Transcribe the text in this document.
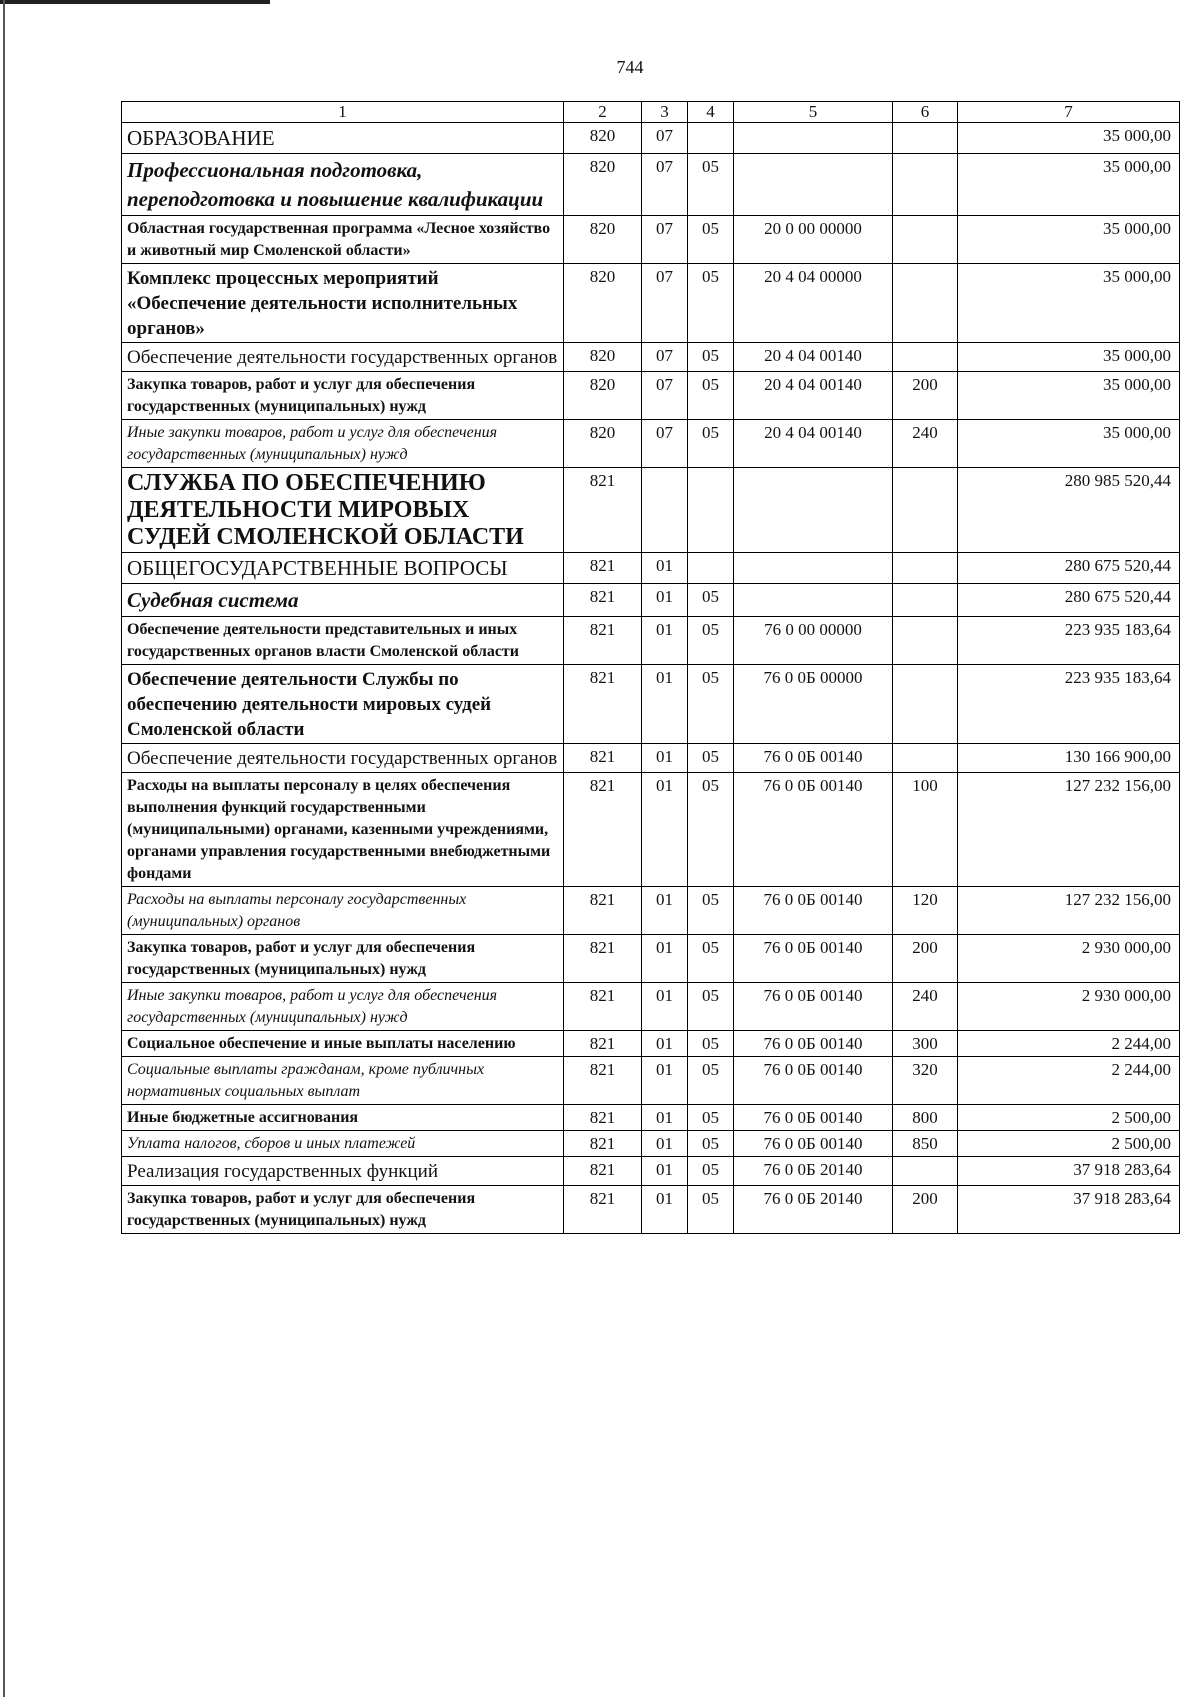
744
1	2	3	4	5	6	7
ОБРАЗОВАНИЕ	820	07				35 000,00
Профессиональная подготовка, переподготовка и повышение квалификации	820	07	05			35 000,00
Областная государственная программа «Лесное хозяйство и животный мир Смоленской области»	820	07	05	20 0 00 00000		35 000,00
Комплекс процессных мероприятий «Обеспечение деятельности исполнительных органов»	820	07	05	20 4 04 00000		35 000,00
Обеспечение деятельности государственных органов	820	07	05	20 4 04 00140		35 000,00
Закупка товаров, работ и услуг для обеспечения государственных (муниципальных) нужд	820	07	05	20 4 04 00140	200	35 000,00
Иные закупки товаров, работ и услуг для обеспечения государственных (муниципальных) нужд	820	07	05	20 4 04 00140	240	35 000,00
СЛУЖБА ПО ОБЕСПЕЧЕНИЮ ДЕЯТЕЛЬНОСТИ МИРОВЫХ СУДЕЙ СМОЛЕНСКОЙ ОБЛАСТИ	821					280 985 520,44
ОБЩЕГОСУДАРСТВЕННЫЕ ВОПРОСЫ	821	01				280 675 520,44
Судебная система	821	01	05			280 675 520,44
Обеспечение деятельности представительных и иных государственных органов власти Смоленской области	821	01	05	76 0 00 00000		223 935 183,64
Обеспечение деятельности Службы по обеспечению деятельности мировых судей Смоленской области	821	01	05	76 0 0Б 00000		223 935 183,64
Обеспечение деятельности государственных органов	821	01	05	76 0 0Б 00140		130 166 900,00
Расходы на выплаты персоналу в целях обеспечения выполнения функций государственными (муниципальными) органами, казенными учреждениями, органами управления государственными внебюджетными фондами	821	01	05	76 0 0Б 00140	100	127 232 156,00
Расходы на выплаты персоналу государственных (муниципальных) органов	821	01	05	76 0 0Б 00140	120	127 232 156,00
Закупка товаров, работ и услуг для обеспечения государственных (муниципальных) нужд	821	01	05	76 0 0Б 00140	200	2 930 000,00
Иные закупки товаров, работ и услуг для обеспечения государственных (муниципальных) нужд	821	01	05	76 0 0Б 00140	240	2 930 000,00
Социальное обеспечение и иные выплаты населению	821	01	05	76 0 0Б 00140	300	2 244,00
Социальные выплаты гражданам, кроме публичных нормативных социальных выплат	821	01	05	76 0 0Б 00140	320	2 244,00
Иные бюджетные ассигнования	821	01	05	76 0 0Б 00140	800	2 500,00
Уплата налогов, сборов и иных платежей	821	01	05	76 0 0Б 00140	850	2 500,00
Реализация государственных функций	821	01	05	76 0 0Б 20140		37 918 283,64
Закупка товаров, работ и услуг для обеспечения государственных (муниципальных) нужд	821	01	05	76 0 0Б 20140	200	37 918 283,64
